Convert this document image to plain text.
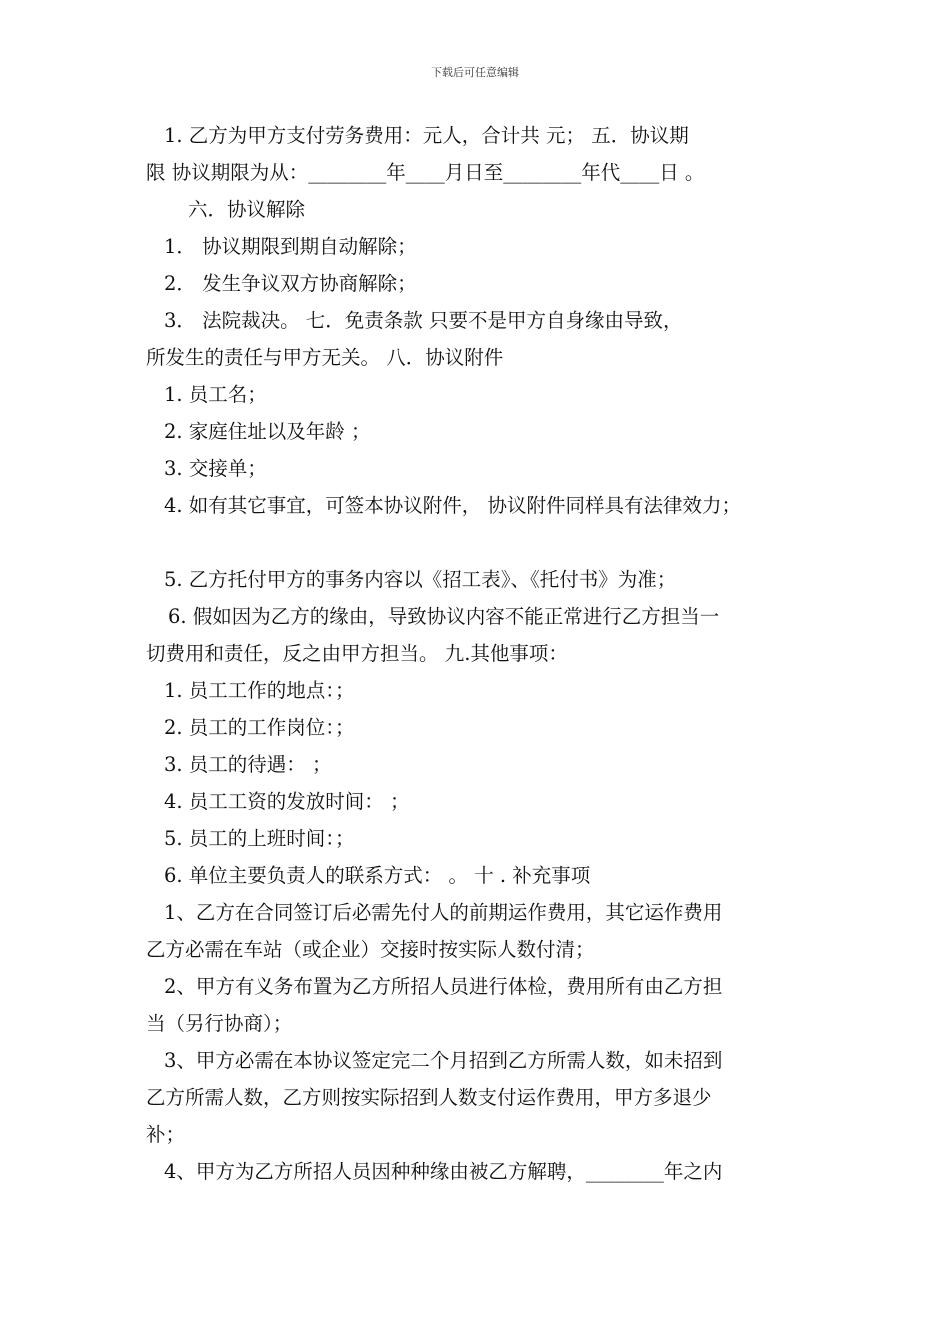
下载后可任意编辑
1. 乙方为甲方支付劳务费用：元人，合计共 元； 五．协议期
限 协议期限为从：________年____月日至________年代____日 。
六．协议解除
1． 协议期限到期自动解除；
2． 发生争议双方协商解除；
3． 法院裁决。 七．免责条款 只要不是甲方自身缘由导致，
所发生的责任与甲方无关。 八．协议附件
1. 员工名；
2. 家庭住址以及年龄 ；
3. 交接单；
4. 如有其它事宜，可签本协议附件， 协议附件同样具有法律效力；
5. 乙方托付甲方的事务内容以《招工表》、《托付书》为准；
6. 假如因为乙方的缘由，导致协议内容不能正常进行乙方担当一
切费用和责任，反之由甲方担当。 九.其他事项：
1. 员工工作的地点：；
2. 员工的工作岗位：；
3. 员工的待遇： ；
4. 员工工资的发放时间： ；
5. 员工的上班时间：；
6. 单位主要负责人的联系方式： 。 十 . 补充事项
1、乙方在合同签订后必需先付人的前期运作费用，其它运作费用
乙方必需在车站（或企业）交接时按实际人数付清；
2、甲方有义务布置为乙方所招人员进行体检，费用所有由乙方担
当（另行协商）；
3、甲方必需在本协议签定完二个月招到乙方所需人数，如未招到
乙方所需人数，乙方则按实际招到人数支付运作费用，甲方多退少
补；
4、甲方为乙方所招人员因种种缘由被乙方解聘，________年之内
